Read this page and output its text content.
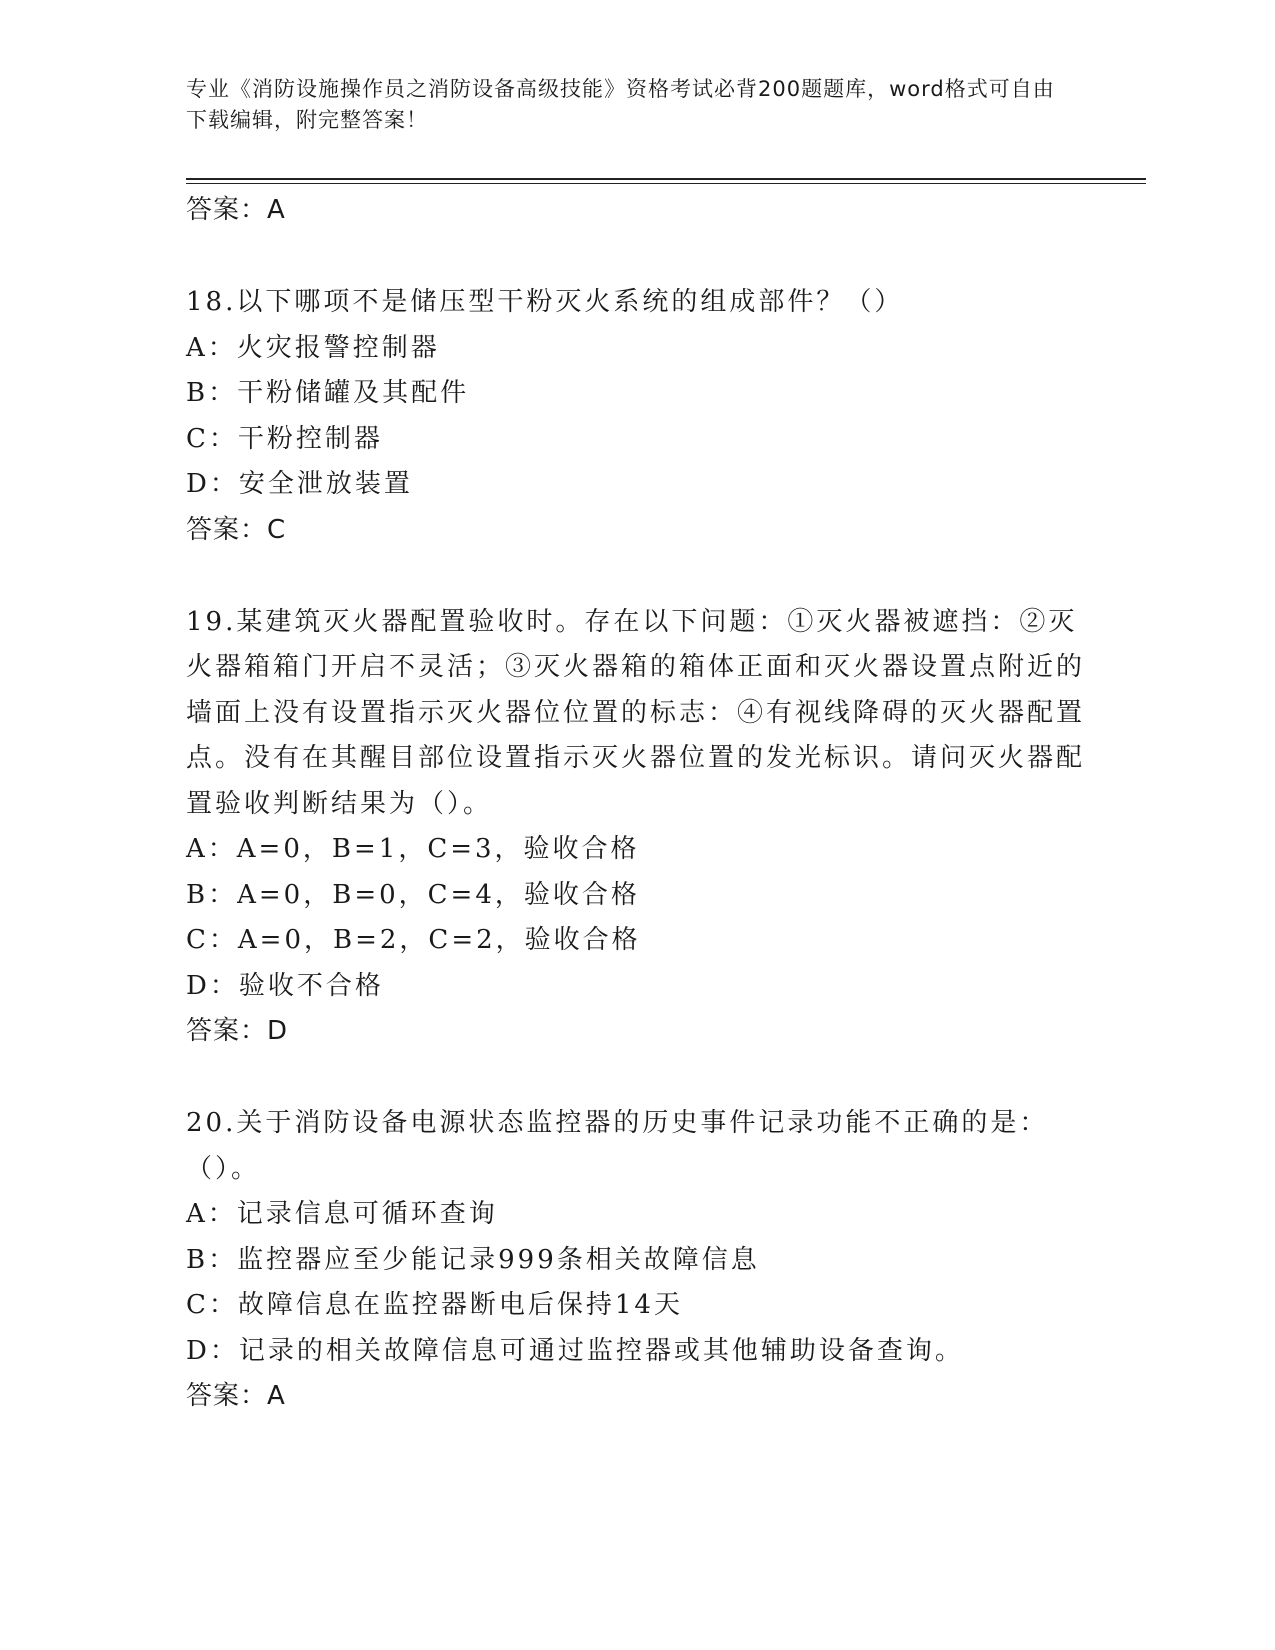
专业《消防设施操作员之消防设备高级技能》资格考试必背200题题库，word格式可自由下载编辑，附完整答案！

答案：A

18.以下哪项不是储压型干粉灭火系统的组成部件？（）

A：火灾报警控制器

B：干粉储罐及其配件

C：干粉控制器

D：安全泄放装置

答案：C

19.某建筑灭火器配置验收时。存在以下问题：①灭火器被遮挡：②灭火器箱箱门开启不灵活；③灭火器箱的箱体正面和灭火器设置点附近的墙面上没有设置指示灭火器位位置的标志：④有视线降碍的灭火器配置点。没有在其醒目部位设置指示灭火器位置的发光标识。请问灭火器配置验收判断结果为（）。

A：A=0，B=1，C=3，验收合格

B：A=0，B=0，C=4，验收合格

C：A=0，B=2，C=2，验收合格

D：验收不合格

答案：D

20.关于消防设备电源状态监控器的历史事件记录功能不正确的是：（）。

A：记录信息可循环查询

B：监控器应至少能记录999条相关故障信息

C：故障信息在监控器断电后保持14天

D：记录的相关故障信息可通过监控器或其他辅助设备查询。

答案：A
